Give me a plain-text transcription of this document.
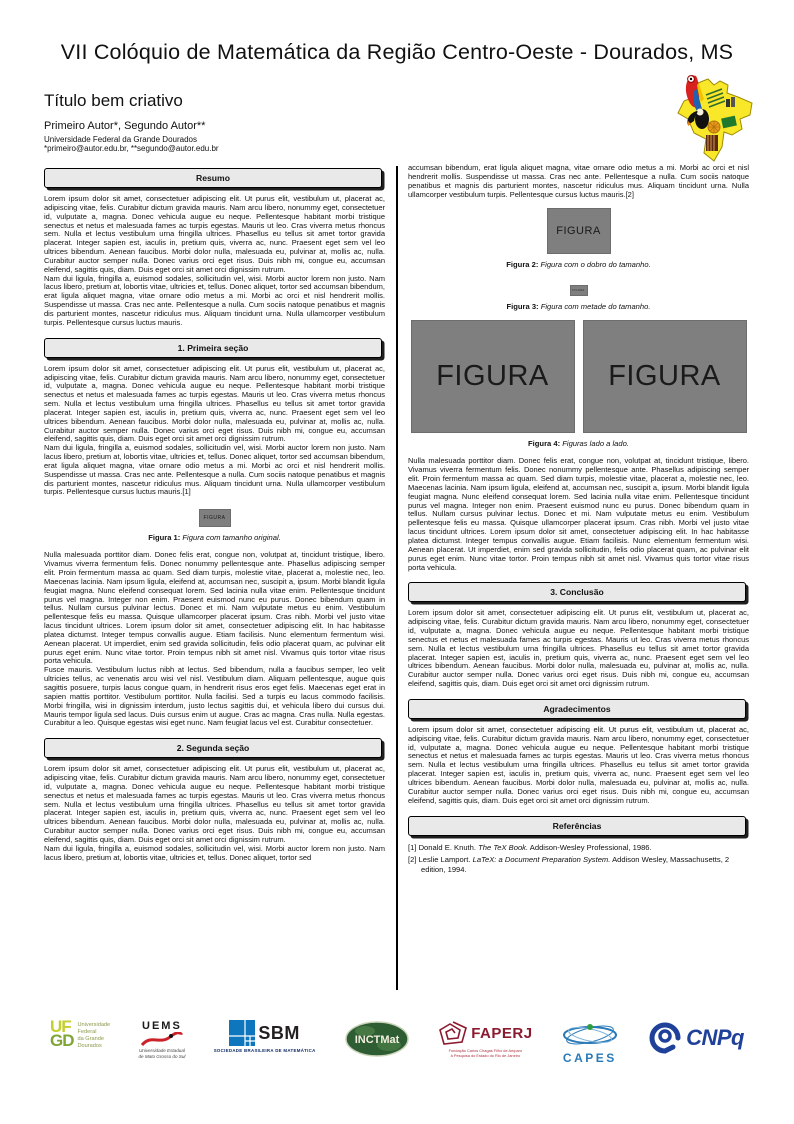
VII Colóquio de Matemática da Região Centro-Oeste - Dourados, MS
Título bem criativo
Primeiro Autor*, Segundo Autor**
Universidade Federal da Grande Dourados
*primeiro@autor.edu.br, **segundo@autor.edu.br
Resumo

Lorem ipsum dolor sit amet, consectetuer adipiscing elit. Ut purus elit, vestibulum ut, placerat ac, adipiscing vitae, felis. Curabitur dictum gravida mauris. Nam arcu libero, nonummy eget, consectetuer id, vulputate a, magna. Donec vehicula augue eu neque. Pellentesque habitant morbi tristique senectus et netus et malesuada fames ac turpis egestas. Mauris ut leo. Cras viverra metus rhoncus sem. Nulla et lectus vestibulum urna fringilla ultrices. Phasellus eu tellus sit amet tortor gravida placerat. Integer sapien est, iaculis in, pretium quis, viverra ac, nunc. Praesent eget sem vel leo ultrices bibendum. Aenean faucibus. Morbi dolor nulla, malesuada eu, pulvinar at, mollis ac, nulla. Curabitur auctor semper nulla. Donec varius orci eget risus. Duis nibh mi, congue eu, accumsan eleifend, sagittis quis, diam. Duis eget orci sit amet orci dignissim rutrum.

Nam dui ligula, fringilla a, euismod sodales, sollicitudin vel, wisi. Morbi auctor lorem non justo. Nam lacus libero, pretium at, lobortis vitae, ultricies et, tellus. Donec aliquet, tortor sed accumsan bibendum, erat ligula aliquet magna, vitae ornare odio metus a mi. Morbi ac orci et nisl hendrerit mollis. Suspendisse ut massa. Cras nec ante. Pellentesque a nulla. Cum sociis natoque penatibus et magnis dis parturient montes, nascetur ridiculus mus. Aliquam tincidunt urna. Nulla ullamcorper vestibulum turpis. Pellentesque cursus luctus mauris.

1. Primeira seção

Lorem ipsum dolor sit amet, consectetuer adipiscing elit. Ut purus elit, vestibulum ut, placerat ac, adipiscing vitae, felis. Curabitur dictum gravida mauris. Nam arcu libero, nonummy eget, consectetuer id, vulputate a, magna. Donec vehicula augue eu neque. Pellentesque habitant morbi tristique senectus et netus et malesuada fames ac turpis egestas. Mauris ut leo. Cras viverra metus rhoncus sem. Nulla et lectus vestibulum urna fringilla ultrices. Phasellus eu tellus sit amet tortor gravida placerat. Integer sapien est, iaculis in, pretium quis, viverra ac, nunc. Praesent eget sem vel leo ultrices bibendum. Aenean faucibus. Morbi dolor nulla, malesuada eu, pulvinar at, mollis ac, nulla. Curabitur auctor semper nulla. Donec varius orci eget risus. Duis nibh mi, congue eu, accumsan eleifend, sagittis quis, diam. Duis eget orci sit amet orci dignissim rutrum.

Nam dui ligula, fringilla a, euismod sodales, sollicitudin vel, wisi. Morbi auctor lorem non justo. Nam lacus libero, pretium at, lobortis vitae, ultricies et, tellus. Donec aliquet, tortor sed accumsan bibendum, erat ligula aliquet magna, vitae ornare odio metus a mi. Morbi ac orci et nisl hendrerit mollis. Suspendisse ut massa. Cras nec ante. Pellentesque a nulla. Cum sociis natoque penatibus et magnis dis parturient montes, nascetur ridiculus mus. Aliquam tincidunt urna. Nulla ullamcorper vestibulum turpis. Pellentesque cursus luctus mauris.[1]

FIGURA
Figura 1: Figura com tamanho original.

Nulla malesuada porttitor diam. Donec felis erat, congue non, volutpat at, tincidunt tristique, libero. Vivamus viverra fermentum felis. Donec nonummy pellentesque ante. Phasellus adipiscing semper elit. Proin fermentum massa ac quam. Sed diam turpis, molestie vitae, placerat a, molestie nec, leo. Maecenas lacinia. Nam ipsum ligula, eleifend at, accumsan nec, suscipit a, ipsum. Morbi blandit ligula feugiat magna. Nunc eleifend consequat lorem. Sed lacinia nulla vitae enim. Pellentesque tincidunt purus vel magna. Integer non enim. Praesent euismod nunc eu purus. Donec bibendum quam in tellus. Nullam cursus pulvinar lectus. Donec et mi. Nam vulputate metus eu enim. Vestibulum pellentesque felis eu massa. Quisque ullamcorper placerat ipsum. Cras nibh. Morbi vel justo vitae lacus tincidunt ultrices. Lorem ipsum dolor sit amet, consectetuer adipiscing elit. In hac habitasse platea dictumst. Integer tempus convallis augue. Etiam facilisis. Nunc elementum fermentum wisi. Aenean placerat. Ut imperdiet, enim sed gravida sollicitudin, felis odio placerat quam, ac pulvinar elit purus eget enim. Nunc vitae tortor. Proin tempus nibh sit amet nisl. Vivamus quis tortor vitae risus porta vehicula.

Fusce mauris. Vestibulum luctus nibh at lectus. Sed bibendum, nulla a faucibus semper, leo velit ultricies tellus, ac venenatis arcu wisi vel nisl. Vestibulum diam. Aliquam pellentesque, augue quis sagittis posuere, turpis lacus congue quam, in hendrerit risus eros eget felis. Maecenas eget erat in sapien mattis porttitor. Vestibulum porttitor. Nulla facilisi. Sed a turpis eu lacus commodo facilisis. Morbi fringilla, wisi in dignissim interdum, justo lectus sagittis dui, et vehicula libero dui cursus dui. Mauris tempor ligula sed lacus. Duis cursus enim ut augue. Cras ac magna. Cras nulla. Nulla egestas. Curabitur a leo. Quisque egestas wisi eget nunc. Nam feugiat lacus vel est. Curabitur consectetuer.

2. Segunda seção

Lorem ipsum dolor sit amet, consectetuer adipiscing elit. Ut purus elit, vestibulum ut, placerat ac, adipiscing vitae, felis. Curabitur dictum gravida mauris. Nam arcu libero, nonummy eget, consectetuer id, vulputate a, magna. Donec vehicula augue eu neque. Pellentesque habitant morbi tristique senectus et netus et malesuada fames ac turpis egestas. Mauris ut leo. Cras viverra metus rhoncus sem. Nulla et lectus vestibulum urna fringilla ultrices. Phasellus eu tellus sit amet tortor gravida placerat. Integer sapien est, iaculis in, pretium quis, viverra ac, nunc. Praesent eget sem vel leo ultrices bibendum. Aenean faucibus. Morbi dolor nulla, malesuada eu, pulvinar at, mollis ac, nulla. Curabitur auctor semper nulla. Donec varius orci eget risus. Duis nibh mi, congue eu, accumsan eleifend, sagittis quis, diam. Duis eget orci sit amet orci dignissim rutrum.

Nam dui ligula, fringilla a, euismod sodales, sollicitudin vel, wisi. Morbi auctor lorem non justo. Nam lacus libero, pretium at, lobortis vitae, ultricies et, tellus. Donec aliquet, tortor sed

accumsan bibendum, erat ligula aliquet magna, vitae ornare odio metus a mi. Morbi ac orci et nisl hendrerit mollis. Suspendisse ut massa. Cras nec ante. Pellentesque a nulla. Cum sociis natoque penatibus et magnis dis parturient montes, nascetur ridiculus mus. Aliquam tincidunt urna. Nulla ullamcorper vestibulum turpis. Pellentesque cursus luctus mauris.[2]

FIGURA
Figura 2: Figura com o dobro do tamanho.
FIGURA
Figura 3: Figura com metade do tamanho.
FIGURA FIGURA
Figura 4: Figuras lado a lado.

Nulla malesuada porttitor diam. Donec felis erat, congue non, volutpat at, tincidunt tristique, libero. Vivamus viverra fermentum felis. Donec nonummy pellentesque ante. Phasellus adipiscing semper elit. Proin fermentum massa ac quam. Sed diam turpis, molestie vitae, placerat a, molestie nec, leo. Maecenas lacinia. Nam ipsum ligula, eleifend at, accumsan nec, suscipit a, ipsum. Morbi blandit ligula feugiat magna. Nunc eleifend consequat lorem. Sed lacinia nulla vitae enim. Pellentesque tincidunt purus vel magna. Integer non enim. Praesent euismod nunc eu purus. Donec bibendum quam in tellus. Nullam cursus pulvinar lectus. Donec et mi. Nam vulputate metus eu enim. Vestibulum pellentesque felis eu massa. Quisque ullamcorper placerat ipsum. Cras nibh. Morbi vel justo vitae lacus tincidunt ultrices. Lorem ipsum dolor sit amet, consectetuer adipiscing elit. In hac habitasse platea dictumst. Integer tempus convallis augue. Etiam facilisis. Nunc elementum fermentum wisi. Aenean placerat. Ut imperdiet, enim sed gravida sollicitudin, felis odio placerat quam, ac pulvinar elit purus eget enim. Nunc vitae tortor. Proin tempus nibh sit amet nisl. Vivamus quis tortor vitae risus porta vehicula.

3. Conclusão

Lorem ipsum dolor sit amet, consectetuer adipiscing elit. Ut purus elit, vestibulum ut, placerat ac, adipiscing vitae, felis. Curabitur dictum gravida mauris. Nam arcu libero, nonummy eget, consectetuer id, vulputate a, magna. Donec vehicula augue eu neque. Pellentesque habitant morbi tristique senectus et netus et malesuada fames ac turpis egestas. Mauris ut leo. Cras viverra metus rhoncus sem. Nulla et lectus vestibulum urna fringilla ultrices. Phasellus eu tellus sit amet tortor gravida placerat. Integer sapien est, iaculis in, pretium quis, viverra ac, nunc. Praesent eget sem vel leo ultrices bibendum. Aenean faucibus. Morbi dolor nulla, malesuada eu, pulvinar at, mollis ac, nulla. Curabitur auctor semper nulla. Donec varius orci eget risus. Duis nibh mi, congue eu, accumsan eleifend, sagittis quis, diam. Duis eget orci sit amet orci dignissim rutrum.

Agradecimentos

Lorem ipsum dolor sit amet, consectetuer adipiscing elit. Ut purus elit, vestibulum ut, placerat ac, adipiscing vitae, felis. Curabitur dictum gravida mauris. Nam arcu libero, nonummy eget, consectetuer id, vulputate a, magna. Donec vehicula augue eu neque. Pellentesque habitant morbi tristique senectus et netus et malesuada fames ac turpis egestas. Mauris ut leo. Cras viverra metus rhoncus sem. Nulla et lectus vestibulum urna fringilla ultrices. Phasellus eu tellus sit amet tortor gravida placerat. Integer sapien est, iaculis in, pretium quis, viverra ac, nunc. Praesent eget sem vel leo ultrices bibendum. Aenean faucibus. Morbi dolor nulla, malesuada eu, pulvinar at, mollis ac, nulla. Curabitur auctor semper nulla. Donec varius orci eget risus. Duis nibh mi, congue eu, accumsan eleifend, sagittis quis, diam. Duis eget orci sit amet orci dignissim rutrum.

Referências
[1] Donald E. Knuth. The TeX Book. Addison-Wesley Professional, 1986.
[2] Leslie Lamport. LaTeX: a Document Preparation System. Addison Wesley, Massachusetts, 2 edition, 1994.
UF
GD
Universidade
Federal
da Grande
Dourados
UEMS
Universidade Estadual
de Mato Grosso do Sul
SBM
SOCIEDADE BRASILEIRA DE MATEMÁTICA
INCTMat	FAPERJ
Fundação Carlos Chagas Filho de Amparo
à Pesquisa do Estado do Rio de Janeiro	CAPES
CNPq
